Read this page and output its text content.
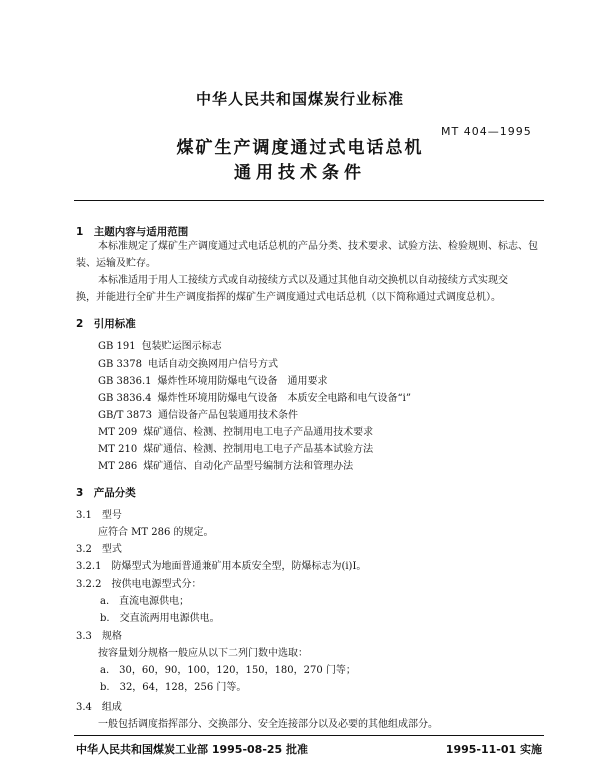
中华人民共和国煤炭行业标准
MT 404—1995
煤矿生产调度通过式电话总机
通用技术条件
1　主题内容与适用范围
本标准规定了煤矿生产调度通过式电话总机的产品分类、技术要求、试验方法、检验规则、标志、包
装、运输及贮存。
本标准适用于用人工接续方式或自动接续方式以及通过其他自动交换机以自动接续方式实现交
换，并能进行全矿井生产调度指挥的煤矿生产调度通过式电话总机（以下简称通过式调度总机）。
2　引用标准
GB 191 包装贮运图示标志
GB 3378 电话自动交换网用户信号方式
GB 3836.1 爆炸性环境用防爆电气设备　通用要求
GB 3836.4 爆炸性环境用防爆电气设备　本质安全电路和电气设备“i”
GB/T 3873 通信设备产品包装通用技术条件
MT 209 煤矿通信、检测、控制用电工电子产品通用技术要求
MT 210 煤矿通信、检测、控制用电工电子产品基本试验方法
MT 286 煤矿通信、自动化产品型号编制方法和管理办法
3　产品分类
3.1　型号
应符合 MT 286 的规定。
3.2　型式
3.2.1　防爆型式为地面普通兼矿用本质安全型，防爆标志为(i)I。
3.2.2　按供电电源型式分：
a.　直流电源供电；
b.　交直流两用电源供电。
3.3　规格
按容量划分规格一般应从以下二列门数中选取：
a.　30，60，90，100，120，150，180，270 门等；
b.　32，64，128，256 门等。
3.4　组成
一般包括调度指挥部分、交换部分、安全连接部分以及必要的其他组成部分。
中华人民共和国煤炭工业部 1995-08-25 批准	1995-11-01 实施
